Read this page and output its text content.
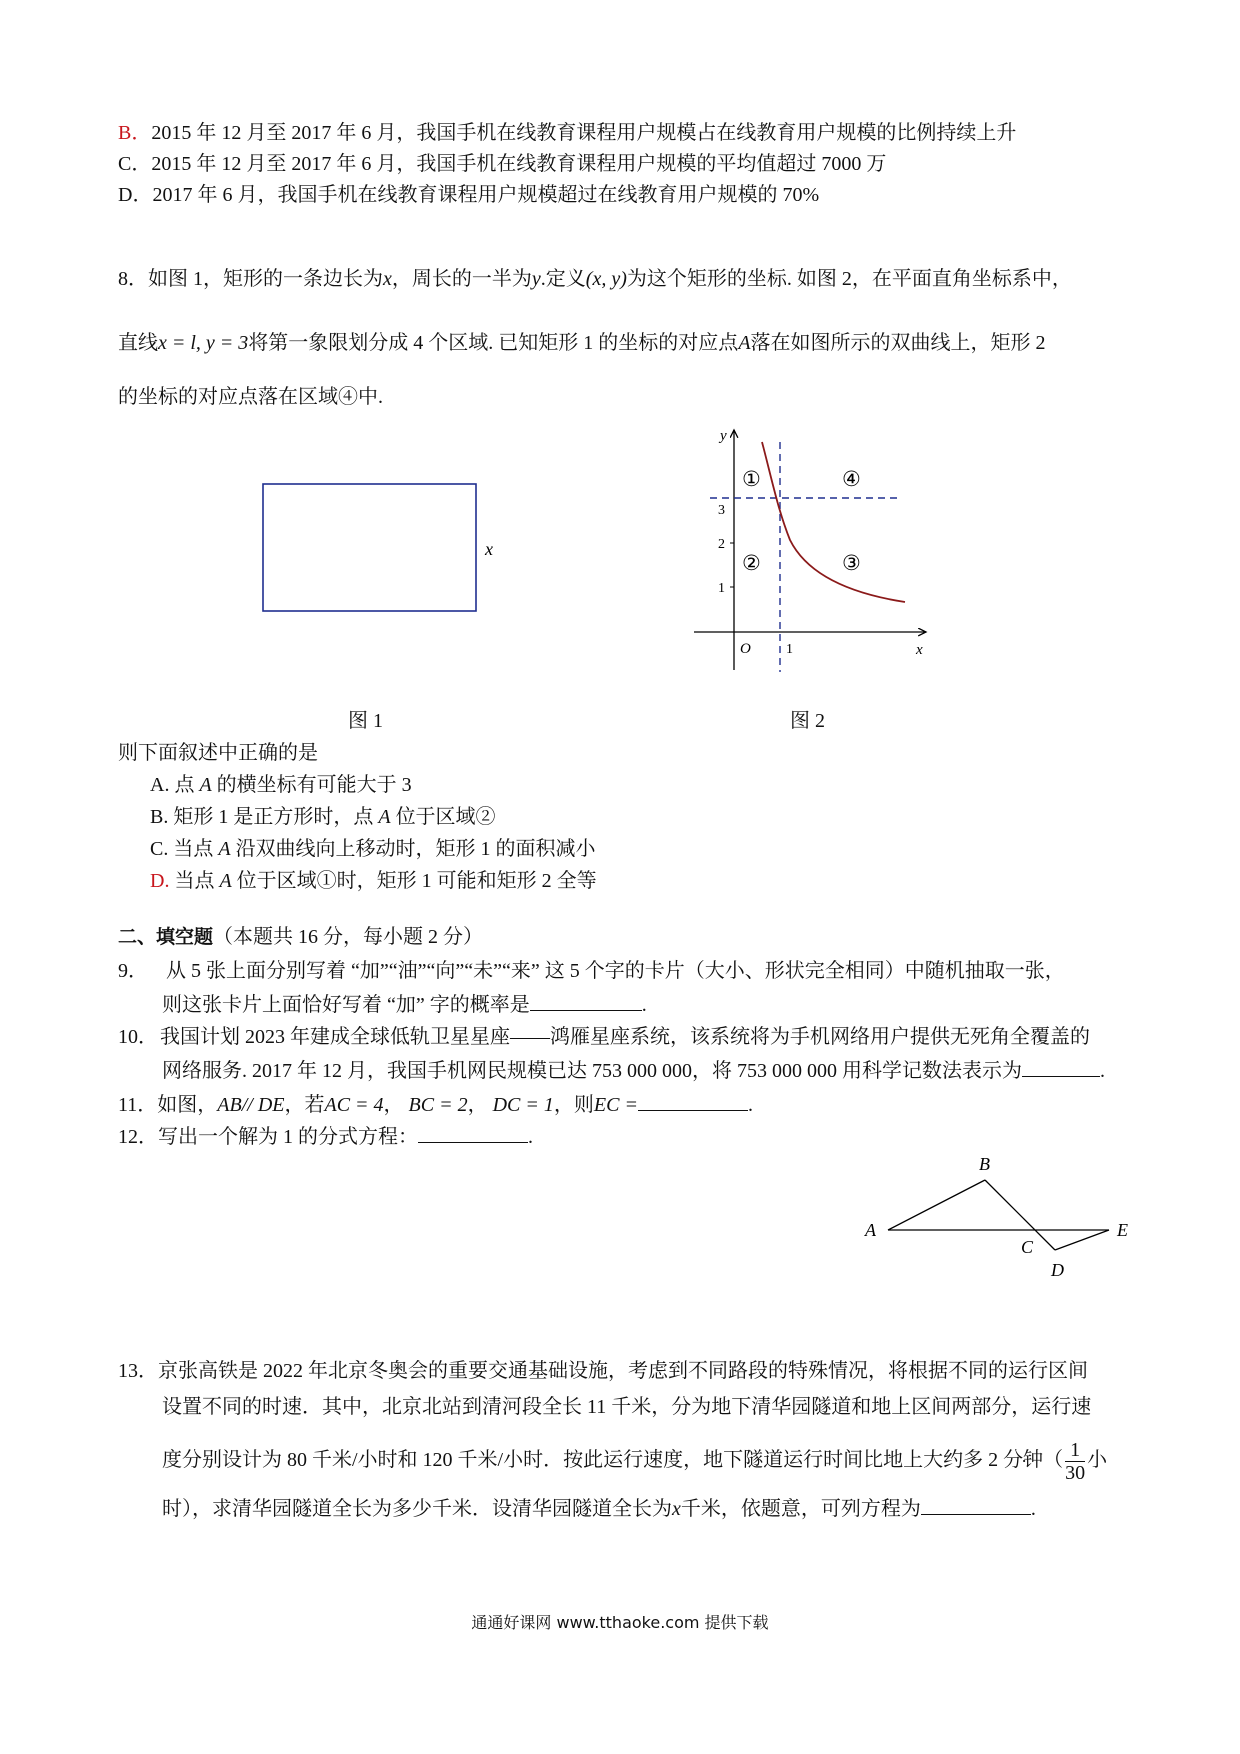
B．2015 年 12 月至 2017 年 6 月，我国手机在线教育课程用户规模占在线教育用户规模的比例持续上升
C．2015 年 12 月至 2017 年 6 月，我国手机在线教育课程用户规模的平均值超过 7000 万
D．2017 年 6 月，我国手机在线教育课程用户规模超过在线教育用户规模的 70%
8．如图 1，矩形的一条边长为x，周长的一半为y.定义(x, y)为这个矩形的坐标. 如图 2，在平面直角坐标系中，
直线x = l, y = 3将第一象限划分成 4 个区域. 已知矩形 1 的坐标的对应点A落在如图所示的双曲线上，矩形 2
的坐标的对应点落在区域④中.
x
图 1
y
x
O
1
2
3
1
①
②	③
④
图 2
则下面叙述中正确的是
A. 点 A 的横坐标有可能大于 3
B. 矩形 1 是正方形时，点 A 位于区域②
C. 当点 A 沿双曲线向上移动时，矩形 1 的面积减小
D. 当点 A 位于区域①时，矩形 1 可能和矩形 2 全等
二、填空题（本题共 16 分，每小题 2 分）
9． 从 5 张上面分别写着 “加”“油”“向”“未”“来” 这 5 个字的卡片（大小、形状完全相同）中随机抽取一张，
则这张卡片上面恰好写着 “加” 字的概率是	.
10． 我国计划 2023 年建成全球低轨卫星星座——鸿雁星座系统，该系统将为手机网络用户提供无死角全覆盖的
网络服务. 2017 年 12 月，我国手机网民规模已达 753 000 000，将 753 000 000 用科学记数法表示为	.
11．如图，AB// DE，若AC = 4， BC = 2， DC = 1，则EC =	.
12．写出一个解为 1 的分式方程：	.
A
B
C
D
E
13．京张高铁是 2022 年北京冬奥会的重要交通基础设施，考虑到不同路段的特殊情况，将根据不同的运行区间
设置不同的时速．其中，北京北站到清河段全长 11 千米，分为地下清华园隧道和地上区间两部分，运行速
度分别设计为 80 千米/小时和 120 千米/小时．按此运行速度，地下隧道运行时间比地上大约多 2 分钟 ·（ $\frac{1}{30}$ 小
时），求清华园隧道全长为多少千米．设清华园隧道全长为x千米，依题意，可列方程为	.
通通好课网 www.tthaoke.com 提供下载
